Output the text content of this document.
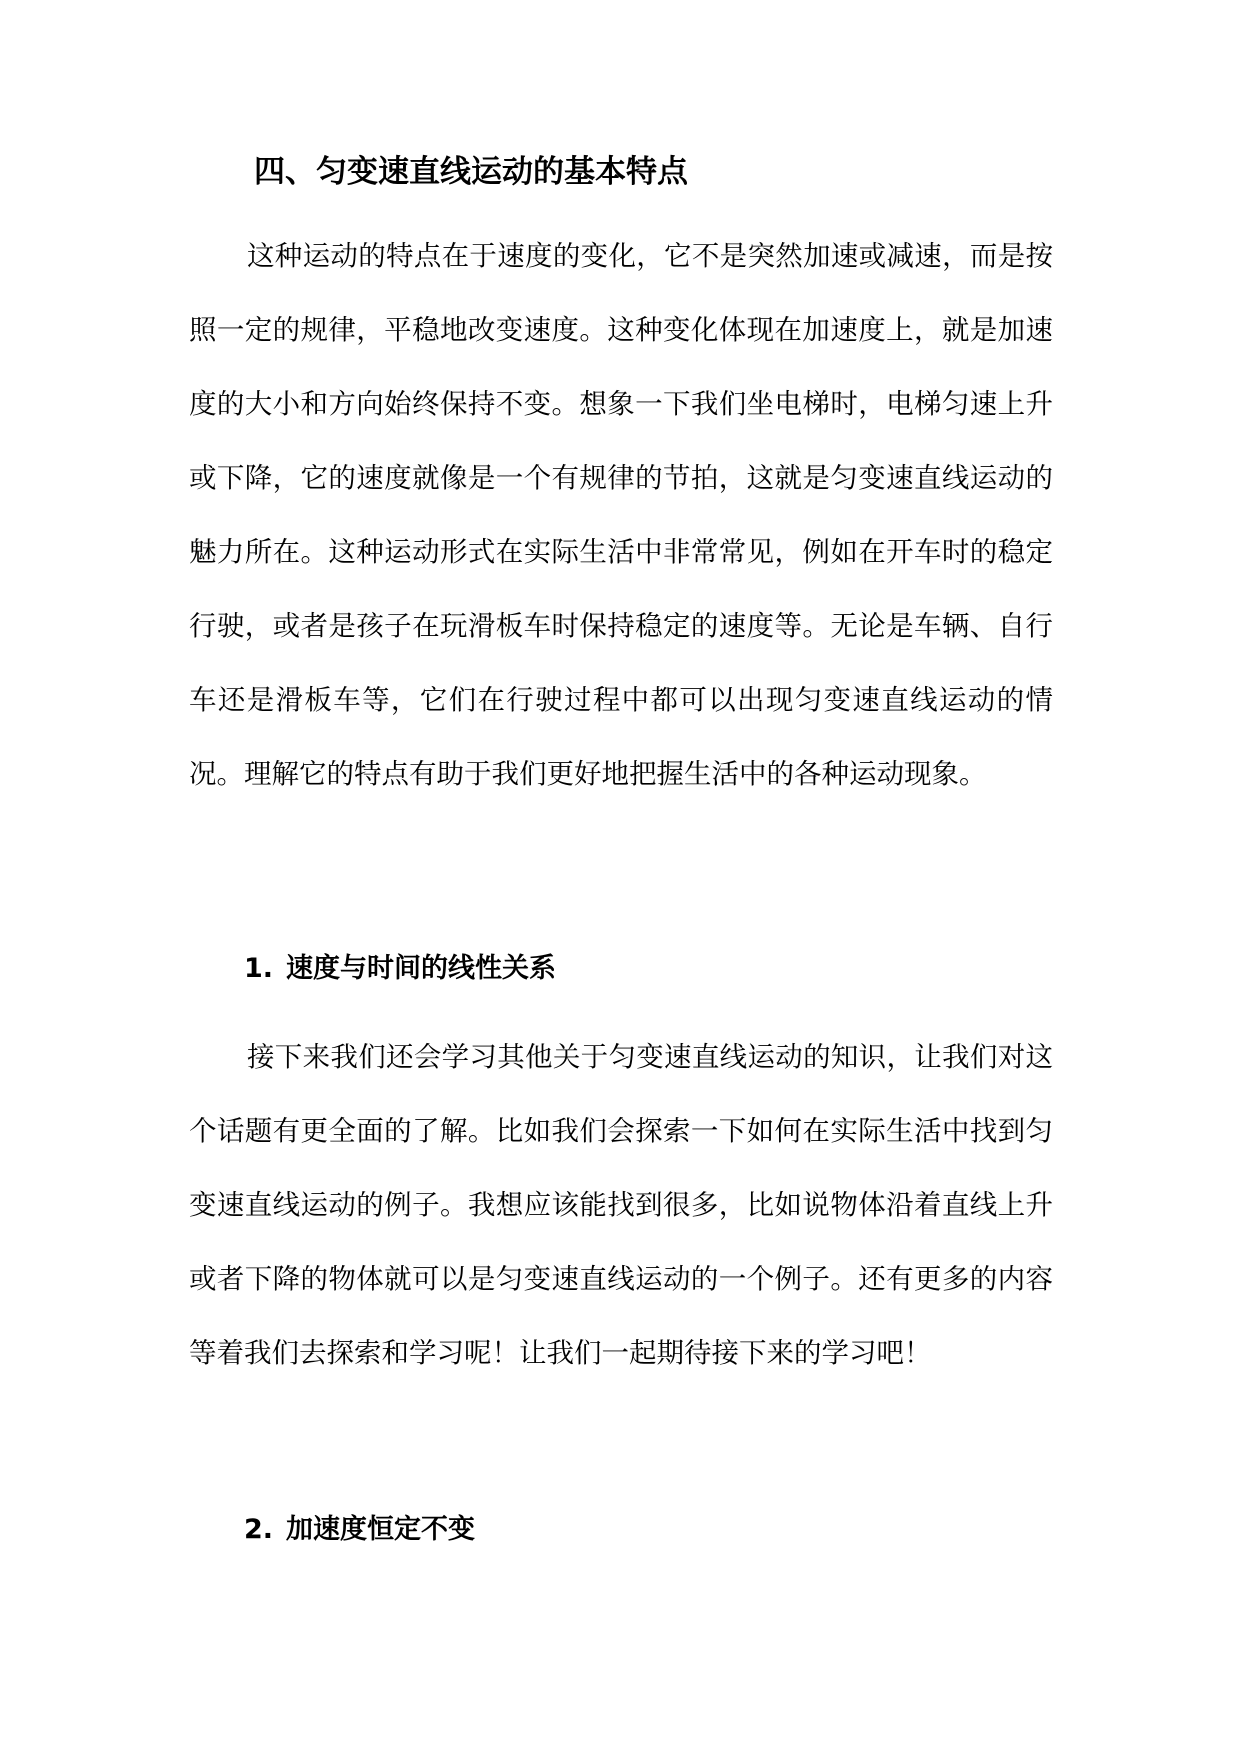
四、匀变速直线运动的基本特点

这种运动的特点在于速度的变化，它不是突然加速或减速，而是按照一定的规律，平稳地改变速度。这种变化体现在加速度上，就是加速度的大小和方向始终保持不变。想象一下我们坐电梯时，电梯匀速上升或下降，它的速度就像是一个有规律的节拍，这就是匀变速直线运动的魅力所在。这种运动形式在实际生活中非常常见，例如在开车时的稳定行驶，或者是孩子在玩滑板车时保持稳定的速度等。无论是车辆、自行车还是滑板车等，它们在行驶过程中都可以出现匀变速直线运动的情况。理解它的特点有助于我们更好地把握生活中的各种运动现象。

1. 速度与时间的线性关系

接下来我们还会学习其他关于匀变速直线运动的知识，让我们对这个话题有更全面的了解。比如我们会探索一下如何在实际生活中找到匀变速直线运动的例子。我想应该能找到很多，比如说物体沿着直线上升或者下降的物体就可以是匀变速直线运动的一个例子。还有更多的内容等着我们去探索和学习呢！让我们一起期待接下来的学习吧！

2. 加速度恒定不变
